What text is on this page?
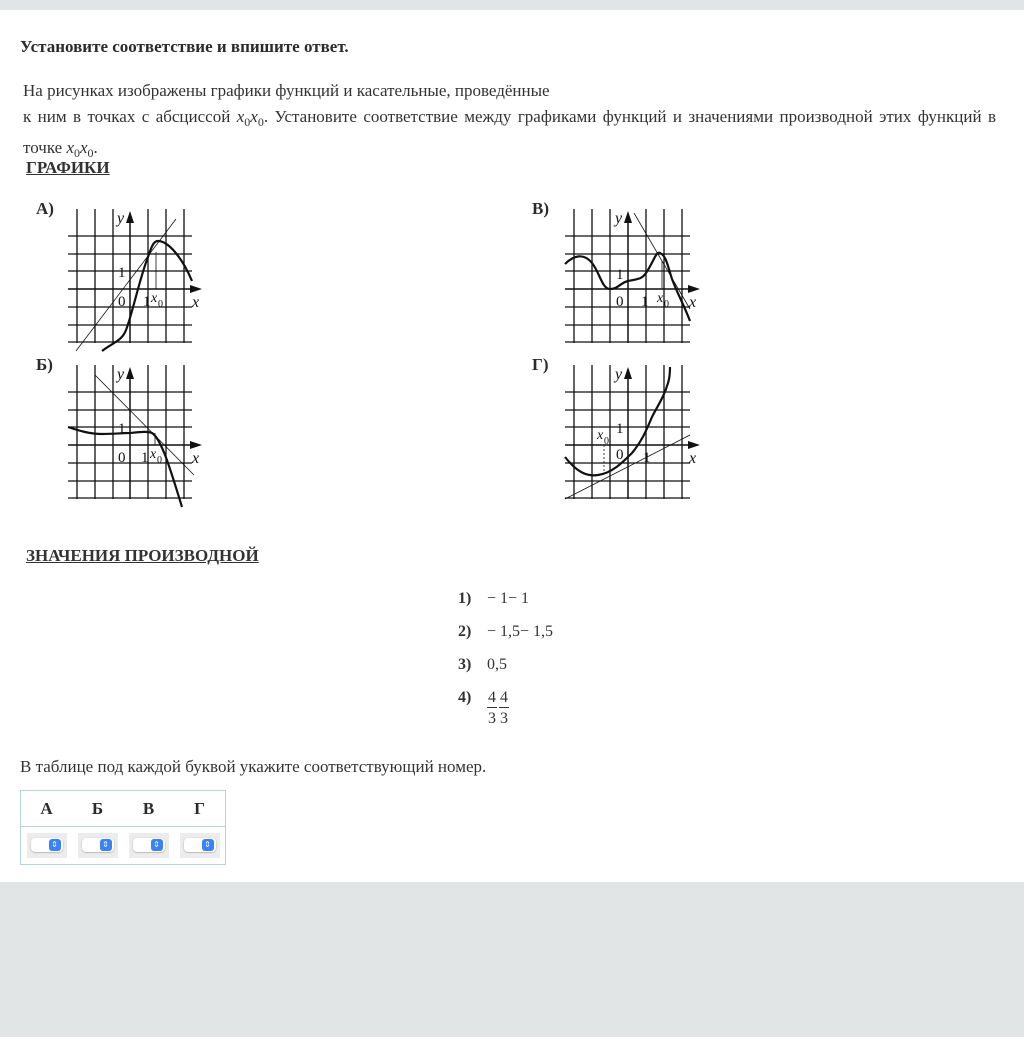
Установите соответствие и впишите ответ.
На рисунках изображены графики функций и касательные, проведённые
к ним в точках с абсциссой $x_0x_0$. Установите соответствие между графиками функций и значениями производной этих функций в точке $x_0x_0$.
ГРАФИКИ
А)
Б)
В)
Г)
y
x
0
1
1 x 0
y
x
0
1
1 x 0
y
x
0
1
1 x 0
y
x
0
1
1
x 0
ЗНАЧЕНИЯ ПРОИЗВОДНОЙ
1) − 1− 1
2) − 1,5− 1,5
3) 0,5
$4) \frac{4}{3} \frac{4}{3}$
В таблице под каждой буквой укажите соответствующий номер.
А	Б	В	Г

⇕	⇕	⇕	⇕
